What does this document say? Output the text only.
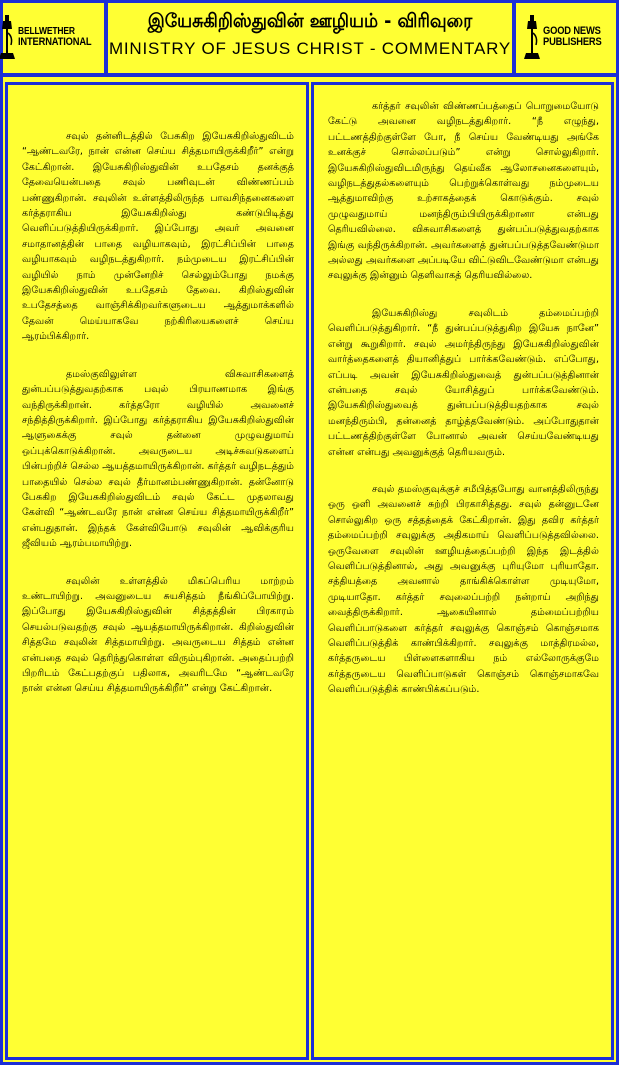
BELLWETHER
INTERNATIONAL
இயேசுகிறிஸ்துவின் ஊழியம் - விரிவுரை
MINISTRY OF JESUS CHRIST - COMMENTARY
GOOD NEWS
PUBLISHERS

சவுல் தன்னிடத்தில் பேசுகிற இயேசுகிறிஸ்துவிடம் “ஆண்டவரே, நான் என்ன செய்ய சித்தமாயிருக்கிறீர்” என்று கேட்கிறான். இயேசுகிறிஸ்துவின் உபதேசம் தனக்குத் தேவையென்பதை சவுல் பணிவுடன் விண்ணப்பம் பண்ணுகிறான். சவுலின் உள்ளத்திலிருந்த பாவசிந்தனைகளை கர்த்தராகிய இயேசுகிறிஸ்து கண்டுபிடித்து வெளிப்படுத்தியிருக்கிறார். இப்போது அவர் அவனை சமாதானத்தின் பாதை வழியாகவும், இரட்சிப்பின் பாதை வழியாகவும் வழிநடத்துகிறார். நம்முடைய இரட்சிப்பின் வழியில் நாம் முன்னேறிச் செல்லும்போது நமக்கு இயேசுகிறிஸ்துவின் உபதேசம் தேவை. கிறிஸ்துவின் உபதேசத்தை வாஞ்சிக்கிறவர்களுடைய ஆத்துமாக்களில் தேவன் மெய்யாகவே நற்கிரியைகளைச் செய்ய ஆரம்பிக்கிறார்.

தமஸ்குவிலுள்ள விசுவாசிகளைத் துன்பப்படுத்துவதற்காக பவுல் பிரயாணமாக இங்கு வந்திருக்கிறான். கர்த்தரோ வழியில் அவனைச் சந்தித்திருக்கிறார். இப்போது கர்த்தராகிய இயேசுகிறிஸ்துவின் ஆளுகைக்கு சவுல் தன்னை முழுவதுமாய் ஒப்புக்கொடுக்கிறான். அவருடைய அடிச்சுவடுகளைப் பின்பற்றிச் செல்ல ஆயத்தமாயிருக்கிறான். கர்த்தர் வழிநடத்தும் பாதையில் செல்ல சவுல் தீர்மானம்பண்ணுகிறான். தன்னோடு பேசுகிற இயேசுகிறிஸ்துவிடம் சவுல் கேட்ட முதலாவது கேள்வி “ஆண்டவரே நான் என்ன செய்ய சித்தமாயிருக்கிறீர்” என்பதுதான். இந்தக் கேள்வியோடு சவுலின் ஆவிக்குரிய ஜீவியம் ஆரம்பமாயிற்று.

சவுலின் உள்ளத்தில் மிகப்பெரிய மாற்றம் உண்டாயிற்று. அவனுடைய சுயசித்தம் நீங்கிப்போயிற்று. இப்போது இயேசுகிறிஸ்துவின் சித்தத்தின் பிரகாரம் செயல்படுவதற்கு சவுல் ஆயத்தமாயிருக்கிறான். கிறிஸ்துவின் சித்தமே சவுலின் சித்தமாயிற்று. அவருடைய சித்தம் என்ன என்பதை சவுல் தெரிந்துகொள்ள விரும்புகிறான். அதைப்பற்றி பிறரிடம் கேட்பதற்குப் பதிலாக, அவரிடமே “ஆண்டவரே நான் என்ன செய்ய சித்தமாயிருக்கிறீர்” என்று கேட்கிறான்.

கர்த்தர் சவுலின் விண்ணப்பத்தைப் பொறுமையோடு கேட்டு அவனை வழிநடத்துகிறார். “நீ எழுந்து, பட்டணத்திற்குள்ளே போ, நீ செய்ய வேண்டியது அங்கே உனக்குச் சொல்லப்படும்” என்று சொல்லுகிறார். இயேசுகிறிஸ்துவிடமிருந்து தெய்வீக ஆலோசனைகளையும், வழிநடத்துதல்களையும் பெற்றுக்கொள்வது நம்முடைய ஆத்துமாவிற்கு உற்சாகத்தைக் கொடுக்கும். சவுல் முழுவதுமாய் மனந்திரும்பியிருக்கிறானா என்பது தெரியவில்லை. விசுவாசிகளைத் துன்பப்படுத்துவதற்காக இங்கு வந்திருக்கிறான். அவர்களைத் துன்பப்படுத்தவேண்டுமா அல்லது அவர்களை அப்படியே விட்டுவிடவேண்டுமா என்பது சவுலுக்கு இன்னும் தெளிவாகத் தெரியவில்லை.

இயேசுகிறிஸ்து சவுலிடம் தம்மைப்பற்றி வெளிப்படுத்துகிறார். “நீ துன்பப்படுத்துகிற இயேசு நானே” என்று கூறுகிறார். சவுல் அமர்ந்திருந்து இயேசுகிறிஸ்துவின் வார்த்தைகளைத் தியானித்துப் பார்க்கவேண்டும். எப்போது, எப்படி அவன் இயேசுகிறிஸ்துவைத் துன்பப்படுத்தினான் என்பதை சவுல் யோசித்துப் பார்க்கவேண்டும். இயேசுகிறிஸ்துவைத் துன்பப்படுத்தியதற்காக சவுல் மனந்திரும்பி, தன்னைத் தாழ்த்தவேண்டும். அப்போதுதான் பட்டணத்திற்குள்ளே போனால் அவன் செய்யவேண்டியது என்ன என்பது அவனுக்குத் தெரியவரும்.

சவுல் தமஸ்குவுக்குச் சமீபித்தபோது வானத்திலிருந்து ஒரு ஒளி அவனைச் சுற்றி பிரகாசித்தது. சவுல் தன்னுடனே சொல்லுகிற ஒரு சத்தத்தைக் கேட்கிறான். இது தவிர கர்த்தர் தம்மைப்பற்றி சவுலுக்கு அதிகமாய் வெளிப்படுத்தவில்லை. ஒருவேளை சவுலின் ஊழியத்தைப்பற்றி இந்த இடத்தில் வெளிப்படுத்தினால், அது அவனுக்கு புரியுமோ புரியாதோ. சத்தியத்தை அவனால் தாங்கிக்கொள்ள முடியுமோ, முடியாதோ. கர்த்தர் சவுலைப்பற்றி நன்றாய் அறிந்து வைத்திருக்கிறார். ஆகையினால் தம்மைப்பற்றிய வெளிப்பாடுகளை கர்த்தர் சவுலுக்கு கொஞ்சம் கொஞ்சமாக வெளிப்படுத்திக் காண்பிக்கிறார். சவுலுக்கு மாத்திரமல்ல, கர்த்தருடைய பிள்ளைகளாகிய நம் எல்லோருக்குமே கர்த்தருடைய வெளிப்பாடுகள் கொஞ்சம் கொஞ்சமாகவே வெளிப்படுத்திக் காண்பிக்கப்படும்.
